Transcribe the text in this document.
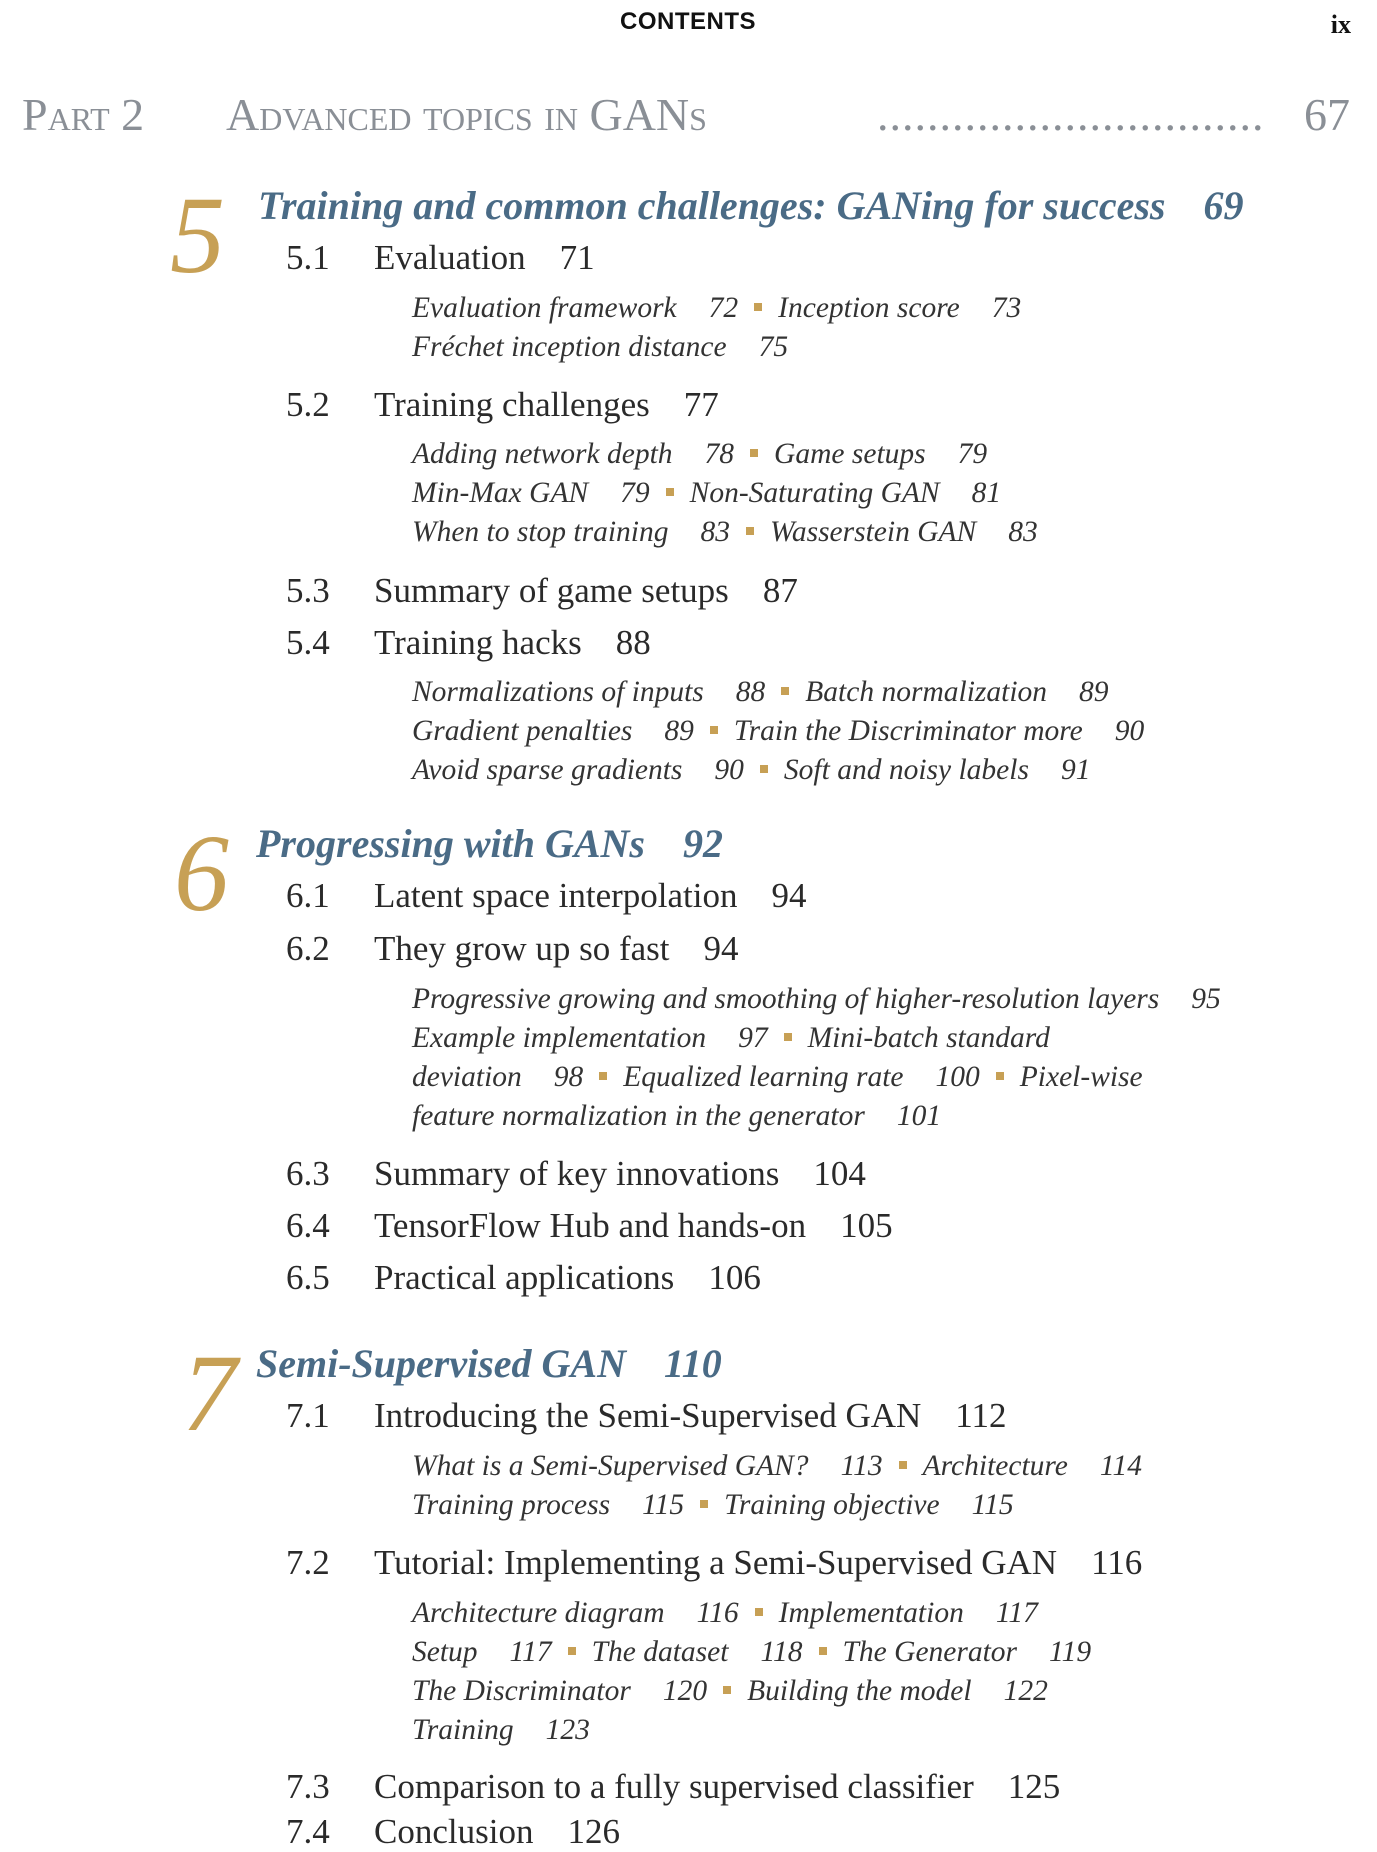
CONTENTS	ix
Part 2 Advanced topics in GANs	............................... 67
5 Training and common challenges: GANing for success 69
5.1 Evaluation 71
Evaluation framework 72 Inception score 73
Fréchet inception distance 75
5.2 Training challenges 77
Adding network depth 78 Game setups 79
Min-Max GAN 79 Non-Saturating GAN 81
When to stop training 83 Wasserstein GAN 83
5.3 Summary of game setups 87
5.4 Training hacks 88
Normalizations of inputs 88 Batch normalization 89
Gradient penalties 89 Train the Discriminator more 90
Avoid sparse gradients 90 Soft and noisy labels 91
6 Progressing with GANs 92
6.1 Latent space interpolation 94
6.2 They grow up so fast 94
Progressive growing and smoothing of higher-resolution layers 95
Example implementation 97 Mini-batch standard
deviation 98 Equalized learning rate 100 Pixel-wise
feature normalization in the generator 101
6.3 Summary of key innovations 104
6.4 TensorFlow Hub and hands-on 105
6.5 Practical applications 106
7 Semi-Supervised GAN 110
7.1 Introducing the Semi-Supervised GAN 112
What is a Semi-Supervised GAN? 113 Architecture 114
Training process 115 Training objective 115
7.2 Tutorial: Implementing a Semi-Supervised GAN 116
Architecture diagram 116 Implementation 117
Setup 117 The dataset 118 The Generator 119
The Discriminator 120 Building the model 122
Training 123
7.3 Comparison to a fully supervised classifier 125
7.4 Conclusion 126
